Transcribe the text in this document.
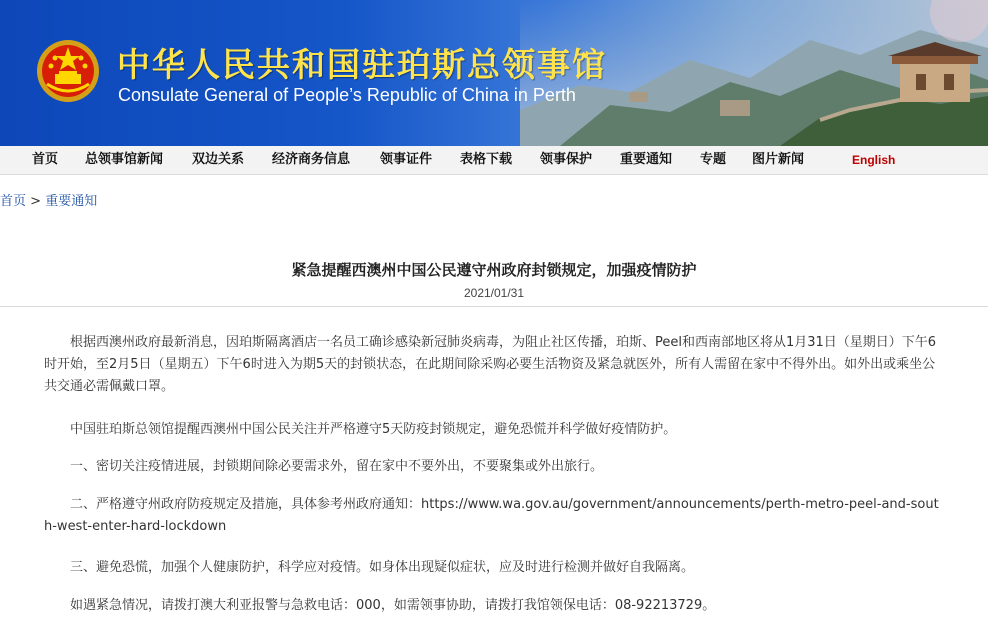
中华人民共和国驻珀斯总领事馆
Consulate General of People’s Republic of China in Perth
首页 总领事馆新闻 双边关系 经济商务信息 领事证件 表格下载 领事保护 重要通知 专题 图片新闻	English
首页 > 重要通知
紧急提醒西澳州中国公民遵守州政府封锁规定，加强疫情防护
2021/01/31
根据西澳州政府最新消息，因珀斯隔离酒店一名员工确诊感染新冠肺炎病毒，为阻止社区传播，珀斯、Peel和西南部地区将从1月31日（星期日）下午6时开始，至2月5日（星期五）下午6时进入为期5天的封锁状态，在此期间除采购必要生活物资及紧急就医外，所有人需留在家中不得外出。如外出或乘坐公共交通必需佩戴口罩。
中国驻珀斯总领馆提醒西澳州中国公民关注并严格遵守5天防疫封锁规定，避免恐慌并科学做好疫情防护。
一、密切关注疫情进展，封锁期间除必要需求外，留在家中不要外出，不要聚集或外出旅行。
二、严格遵守州政府防疫规定及措施，具体参考州政府通知：https://www.wa.gov.au/government/announcements/perth-metro-peel-and-south-west-enter-hard-lockdown
三、避免恐慌，加强个人健康防护，科学应对疫情。如身体出现疑似症状，应及时进行检测并做好自我隔离。
如遇紧急情况，请拨打澳大利亚报警与急救电话：000，如需领事协助，请拨打我馆领保电话：08-92213729。
